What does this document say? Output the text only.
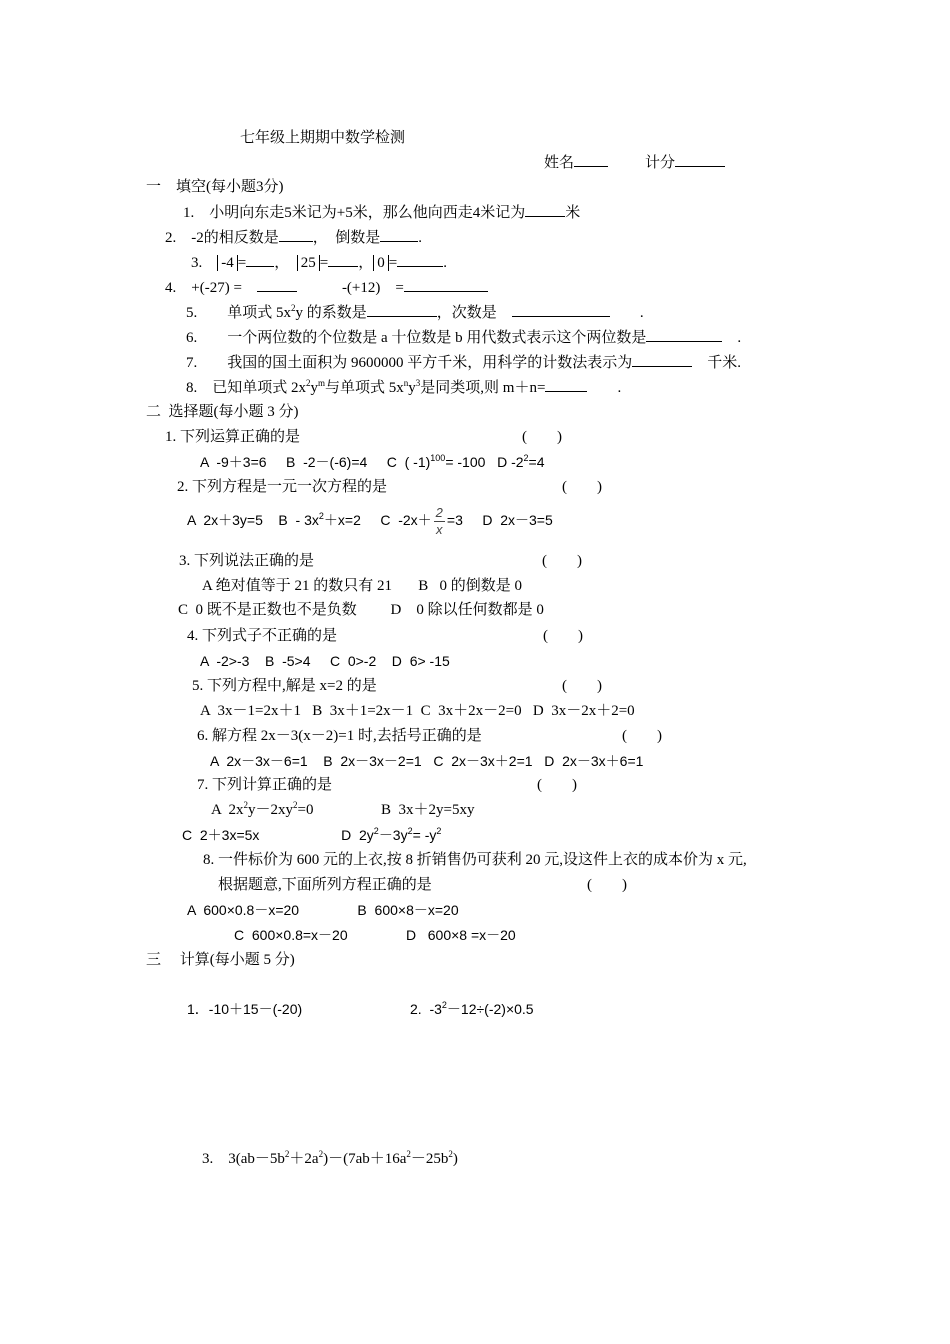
七年级上期期中数学检测
姓名	计分
一　填空(每小题3分)
1.　小明向东走5米记为+5米，那么他向西走4米记为	米
2.　-2的相反数是 ，　倒数是	.
3.　 -4 = ，　25 = ， 0 =	.
4.　+(-27) =　　　　	-(+12)　=
5.　　单项式 $5x^2y$ 的系数是	，次数是　	　　.
6.　　一个两位数的个位数是 a 十位数是 b 用代数式表示这个两位数是	　.
7.　　我国的国土面积为 9600000 平方千米，用科学的计数法表示为　	千米.
8.　已知单项式 $2x^2y^m$与单项式 $5x^ny^3$是同类项,则 m＋n=	　　.
二  选择题(每小题 3 分)
1. 下列运算正确的是	(　　)
A  -9＋3=6     B  -2－(-6)=4     C  ( -1)$^{100}$= -100   D $-2^2=4$
2. 下列方程是一元一次方程的是	(　　)
A  2x＋3y=5    $B - 3x^2+x=2$     C  $-2x+ \frac{2}{x} =3$     D  2x－3=5
3. 下列说法正确的是	(　　)
A 绝对值等于 21 的数只有 21       B   0 的倒数是 0
C  0 既不是正数也不是负数         D    0 除以任何数都是 0
4. 下列式子不正确的是	(　　)
A  -2>-3    B  -5>4     C  0>-2    D  6> -15
5. 下列方程中,解是 x=2 的是	(　　)
A  3x－1=2x＋1   B  3x＋1=2x－1  C  3x＋2x－2=0   D  3x－2x＋2=0
6. 解方程 2x－3(x－2)=1 时,去括号正确的是	(　　)
A  2x－3x－6=1    B  2x－3x－2=1   C  2x－3x＋2=1   D  2x－3x＋6=1
7. 下列计算正确的是	(　　)
A  $2x^2y-2xy^2=0$                  B  3x＋2y=5xy
C  2＋3x=5x                     D  $2y^2-3y^2= -y^2$
8. 一件标价为 600 元的上衣,按 8 折销售仍可获利 20 元,设这件上衣的成本价为 x 元,
根据题意,下面所列方程正确的是	(　　)
A  600×0.8－x=20               B  600×8－x=20
C  600×0.8=x－20               D   600×8 =x－20
三　 计算(每小题 5 分)
1．-10＋15－(-20)	2.  $-3^2-12\div(-2)\times 0.5$
3.    $3(ab-5b^2+2a^2)-(7ab+16a^2-25b^2)$
